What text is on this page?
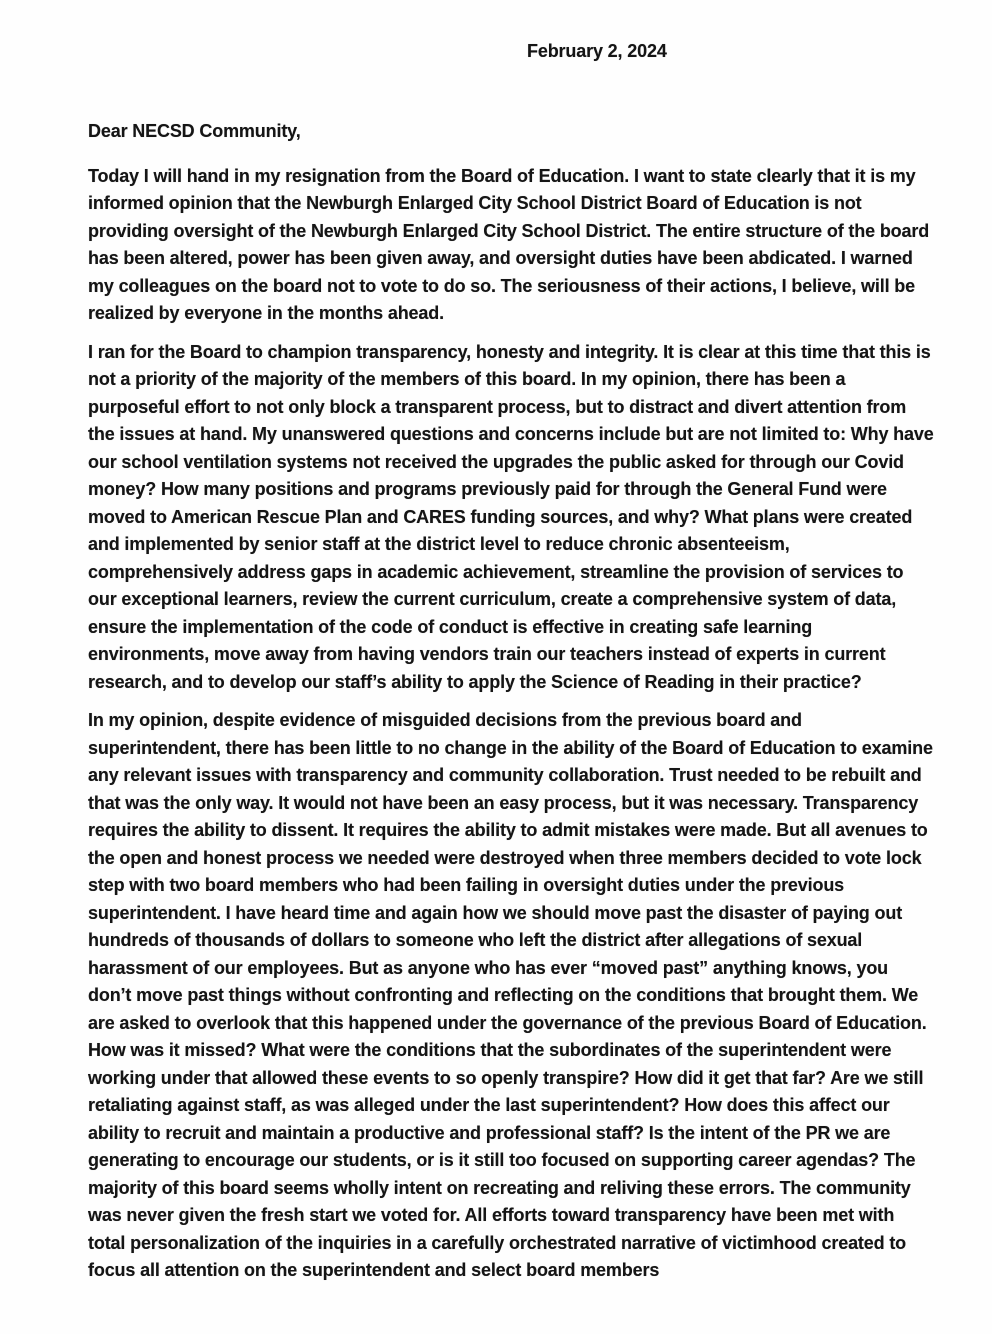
February 2, 2024

Dear NECSD Community,

Today I will hand in my resignation from the Board of Education. I want to state clearly that it is my informed opinion that the Newburgh Enlarged City School District Board of Education is not providing oversight of the Newburgh Enlarged City School District. The entire structure of the board has been altered, power has been given away, and oversight duties have been abdicated. I warned my colleagues on the board not to vote to do so. The seriousness of their actions, I believe, will be realized by everyone in the months ahead.

I ran for the Board to champion transparency, honesty and integrity. It is clear at this time that this is not a priority of the majority of the members of this board. In my opinion, there has been a purposeful effort to not only block a transparent process, but to distract and divert attention from the issues at hand. My unanswered questions and concerns include but are not limited to: Why have our school ventilation systems not received the upgrades the public asked for through our Covid money? How many positions and programs previously paid for through the General Fund were moved to American Rescue Plan and CARES funding sources, and why? What plans were created and implemented by senior staff at the district level to reduce chronic absenteeism, comprehensively address gaps in academic achievement, streamline the provision of services to our exceptional learners, review the current curriculum, create a comprehensive system of data, ensure the implementation of the code of conduct is effective in creating safe learning environments, move away from having vendors train our teachers instead of experts in current research, and to develop our staff’s ability to apply the Science of Reading in their practice?

In my opinion, despite evidence of misguided decisions from the previous board and superintendent, there has been little to no change in the ability of the Board of Education to examine any relevant issues with transparency and community collaboration. Trust needed to be rebuilt and that was the only way. It would not have been an easy process, but it was necessary. Transparency requires the ability to dissent. It requires the ability to admit mistakes were made. But all avenues to the open and honest process we needed were destroyed when three members decided to vote lock step with two board members who had been failing in oversight duties under the previous superintendent. I have heard time and again how we should move past the disaster of paying out hundreds of thousands of dollars to someone who left the district after allegations of sexual harassment of our employees. But as anyone who has ever “moved past” anything knows, you don’t move past things without confronting and reflecting on the conditions that brought them. We are asked to overlook that this happened under the governance of the previous Board of Education. How was it missed? What were the conditions that the subordinates of the superintendent were working under that allowed these events to so openly transpire? How did it get that far? Are we still retaliating against staff, as was alleged under the last superintendent? How does this affect our ability to recruit and maintain a productive and professional staff? Is the intent of the PR we are generating to encourage our students, or is it still too focused on supporting career agendas? The majority of this board seems wholly intent on recreating and reliving these errors. The community was never given the fresh start we voted for. All efforts toward transparency have been met with total personalization of the inquiries in a carefully orchestrated narrative of victimhood created to focus all attention on the superintendent and select board members
